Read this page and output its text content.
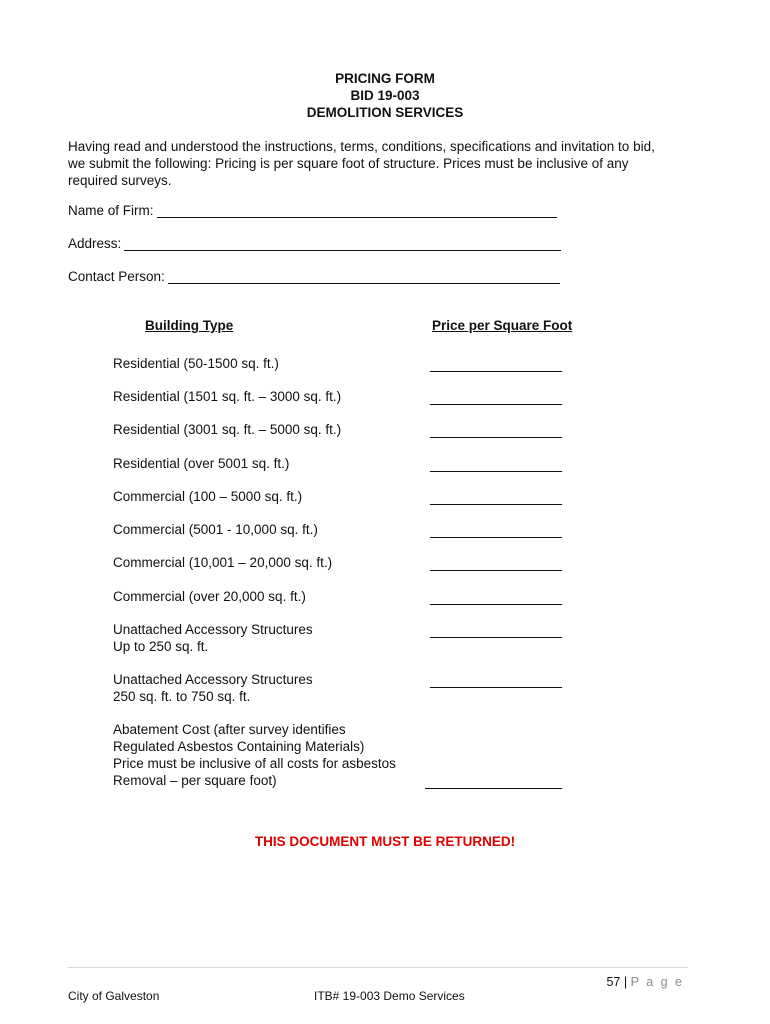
PRICING FORM
BID 19-003
DEMOLITION SERVICES
Having read and understood the instructions, terms, conditions, specifications and invitation to bid,
we submit the following: Pricing is per square foot of structure. Prices must be inclusive of any
required surveys.
Name of Firm:
Address:
Contact Person:
Building Type	Price per Square Foot
Residential (50-1500 sq. ft.)
Residential (1501 sq. ft. – 3000 sq. ft.)
Residential (3001 sq. ft. – 5000 sq. ft.)
Residential (over 5001 sq. ft.)
Commercial (100 – 5000 sq. ft.)
Commercial (5001 - 10,000 sq. ft.)
Commercial (10,001 – 20,000 sq. ft.)
Commercial (over 20,000 sq. ft.)
Unattached Accessory Structures
Up to 250 sq. ft.
Unattached Accessory Structures
250 sq. ft. to 750 sq. ft.
Abatement Cost (after survey identifies
Regulated Asbestos Containing Materials)
Price must be inclusive of all costs for asbestos
Removal – per square foot)
THIS DOCUMENT MUST BE RETURNED!
57 | P a g e
City of Galveston	ITB# 19-003 Demo Services
